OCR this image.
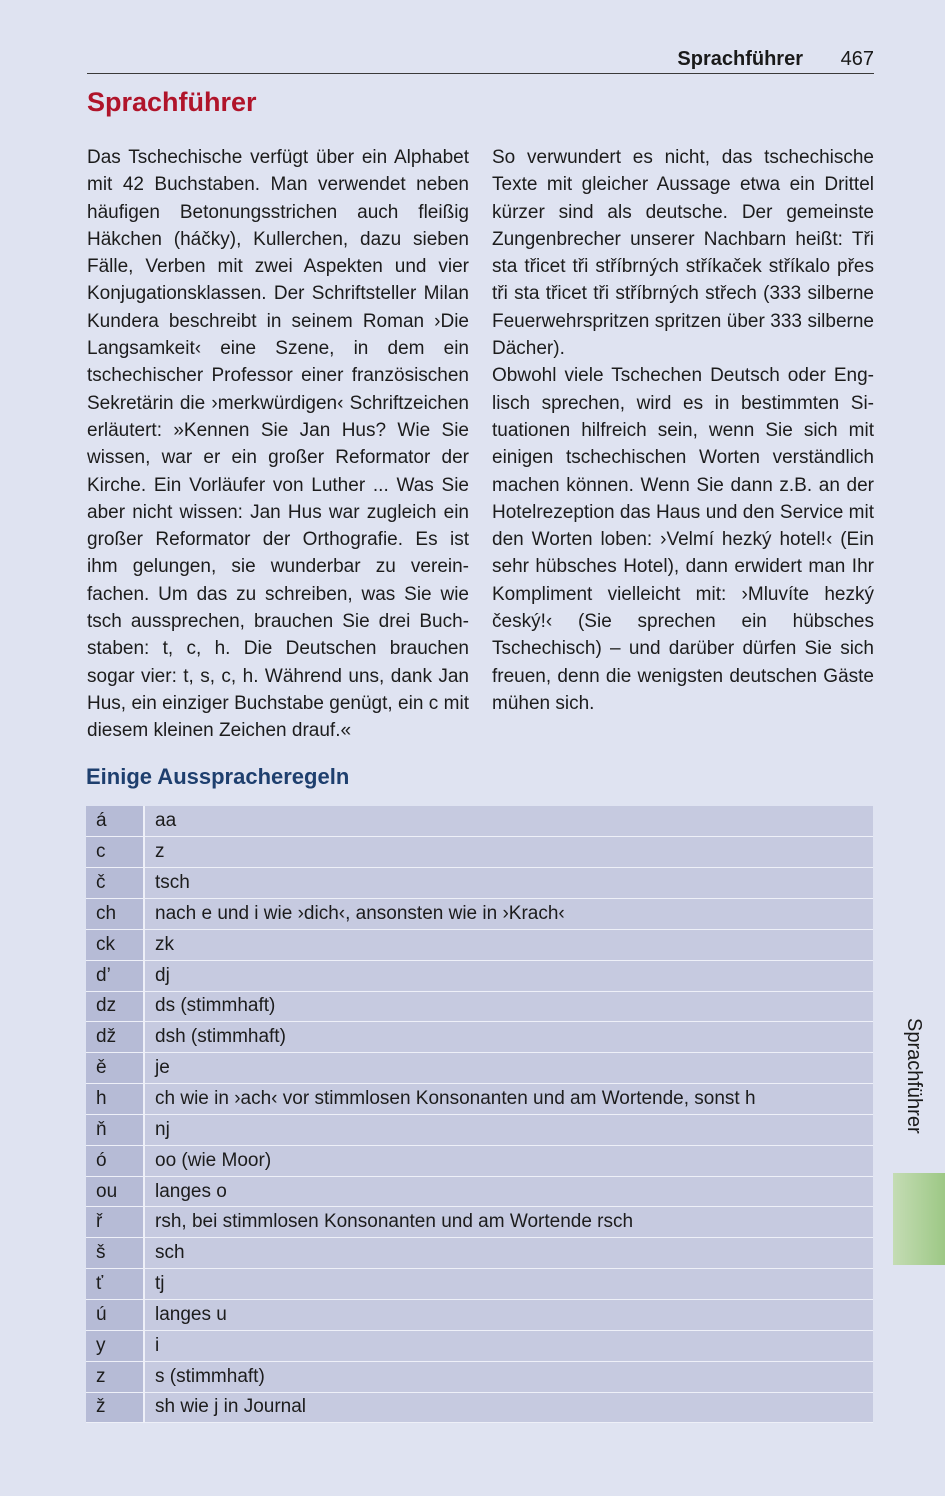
Sprachführer 467
Sprachführer

Das Tschechische verfügt über ein Alphabet mit 42 Buchstaben. Man verwendet neben häufigen Betonungsstrichen auch fleißig Häkchen (háčky), Kullerchen, dazu sieben Fälle, Verben mit zwei Aspekten und vier Konjugationsklassen. Der Schriftsteller Milan Kundera beschreibt in seinem Roman ›Die Langsamkeit‹ eine Szene, in dem ein tschechischer Professor einer französischen Sekretärin die ›merkwürdigen‹ Schriftzeichen erläutert: »Kennen Sie Jan Hus? Wie Sie wissen, war er ein großer Reformator der Kirche. Ein Vorläufer von Luther ... Was Sie aber nicht wissen: Jan Hus war zugleich ein großer Reformator der Orthografie. Es ist ihm gelungen, sie wunderbar zu vereinfachen. Um das zu schreiben, was Sie wie tsch aussprechen, brauchen Sie drei Buchstaben: t, c, h. Die Deutschen brauchen sogar vier: t, s, c, h. Während uns, dank Jan Hus, ein einziger Buchstabe genügt, ein c mit diesem kleinen Zeichen drauf.«

So verwundert es nicht, das tschechische Texte mit gleicher Aussage etwa ein Drittel kürzer sind als deutsche. Der gemeinste Zungenbrecher unserer Nachbarn heißt: Tři sta třicet tři stříbrných stříkaček stříkalo přes tři sta třicet tři stříbrných střech (333 silberne Feuerwehrspritzen spritzen über 333 silberne Dächer).

Obwohl viele Tschechen Deutsch oder Englisch sprechen, wird es in bestimmten Situationen hilfreich sein, wenn Sie sich mit einigen tschechischen Worten verständlich machen können. Wenn Sie dann z.B. an der Hotelrezeption das Haus und den Service mit den Worten loben: ›Velmí hezký hotel!‹ (Ein sehr hübsches Hotel), dann erwidert man Ihr Kompliment vielleicht mit: ›Mluvíte hezký český!‹ (Sie sprechen ein hübsches Tschechisch) – und darüber dürfen Sie sich freuen, denn die wenigsten deutschen Gäste mühen sich.

Einige Ausspracheregeln
á	aa
c	z
č	tsch
ch	nach e und i wie ›dich‹, ansonsten wie in ›Krach‹
ck	zk
d’	dj
dz	ds (stimmhaft)
dž	dsh (stimmhaft)
ě	je
h	ch wie in ›ach‹ vor stimmlosen Konsonanten und am Wortende, sonst h
ň	nj
ó	oo (wie Moor)
ou	langes o
ř	rsh, bei stimmlosen Konsonanten und am Wortende rsch
š	sch
ť	tj
ú	langes u
y	i
z	s (stimmhaft)
ž	sh wie j in Journal
Sprachführer
